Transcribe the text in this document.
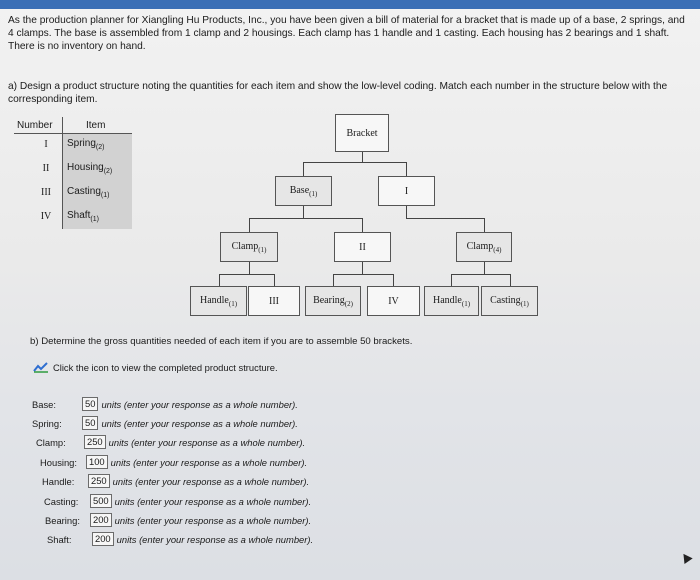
As the production planner for Xiangling Hu Products, Inc., you have been given a bill of material for a bracket that is made up of a base, 2 springs, and 4 clamps. The base is assembled from 1 clamp and 2 housings. Each clamp has 1 handle and 1 casting. Each housing has 2 bearings and 1 shaft. There is no inventory on hand.
a) Design a product structure noting the quantities for each item and show the low-level coding. Match each number in the structure below with the corresponding item.
Number	Item
I	Spring$_{(2)}$
II	Housing$_{(2)}$
III	Casting$_{(1)}$
IV	Shaft$_{(1)}$
Bracket
Base$_{(1)}$	I
Clamp$_{(1)}$	II	Clamp$_{(4)}$
Handle$_{(1)}$	III	Bearing$_{(2)}$	IV	Handle$_{(1)}$ Casting$_{(1)}$
b) Determine the gross quantities needed of each item if you are to assemble 50 brackets.
Click the icon to view the completed product structure.
Base:	50 units (enter your response as a whole number).
Spring:	50 units (enter your response as a whole number).
Clamp:	250 units (enter your response as a whole number).
Housing:	100 units (enter your response as a whole number).
Handle:	250 units (enter your response as a whole number).
Casting:	500 units (enter your response as a whole number).
Bearing:	200 units (enter your response as a whole number).
Shaft:	200 units (enter your response as a whole number).
